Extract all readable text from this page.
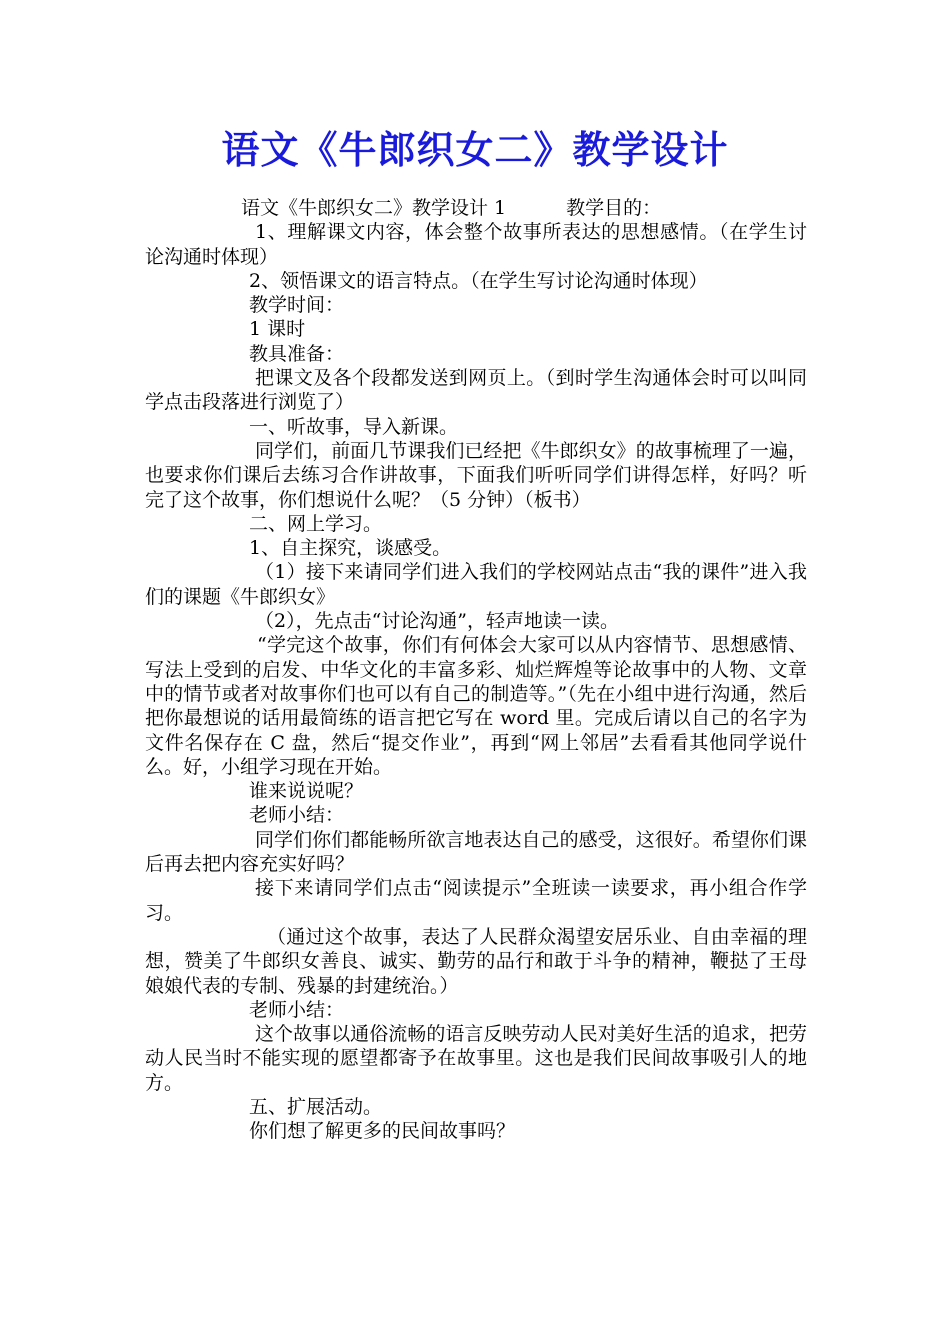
语文《牛郎织女二》教学设计

语文《牛郎织女二》教学设计 1	教学目的：

1、理解课文内容，体会整个故事所表达的思想感情。（在学生讨论沟通时体现）

2、领悟课文的语言特点。（在学生写讨论沟通时体现）

教学时间：

1 课时

教具准备：

把课文及各个段都发送到网页上。（到时学生沟通体会时可以叫同学点击段落进行浏览了）

一、听故事，导入新课。

同学们，前面几节课我们已经把《牛郎织女》的故事梳理了一遍，也要求你们课后去练习合作讲故事，下面我们听听同学们讲得怎样，好吗？听完了这个故事，你们想说什么呢？（5 分钟）（板书）

二、网上学习。

1、自主探究，谈感受。

（1）接下来请同学们进入我们的学校网站点击“我的课件”进入我们的课题《牛郎织女》

（2），先点击“讨论沟通”，轻声地读一读。

“学完这个故事，你们有何体会大家可以从内容情节、思想感情、写法上受到的启发、中华文化的丰富多彩、灿烂辉煌等论故事中的人物、文章中的情节或者对故事你们也可以有自己的制造等。”（先在小组中进行沟通，然后把你最想说的话用最简练的语言把它写在 word 里。完成后请以自己的名字为文件名保存在 C 盘，然后“提交作业”，再到“网上邻居”去看看其他同学说什么。好，小组学习现在开始。

谁来说说呢？

老师小结：

同学们你们都能畅所欲言地表达自己的感受，这很好。希望你们课后再去把内容充实好吗？

接下来请同学们点击“阅读提示”全班读一读要求，再小组合作学习。

（通过这个故事，表达了人民群众渴望安居乐业、自由幸福的理想，赞美了牛郎织女善良、诚实、勤劳的品行和敢于斗争的精神，鞭挞了王母娘娘代表的专制、残暴的封建统治。）

老师小结：

这个故事以通俗流畅的语言反映劳动人民对美好生活的追求，把劳动人民当时不能实现的愿望都寄予在故事里。这也是我们民间故事吸引人的地方。

五、扩展活动。

你们想了解更多的民间故事吗？
